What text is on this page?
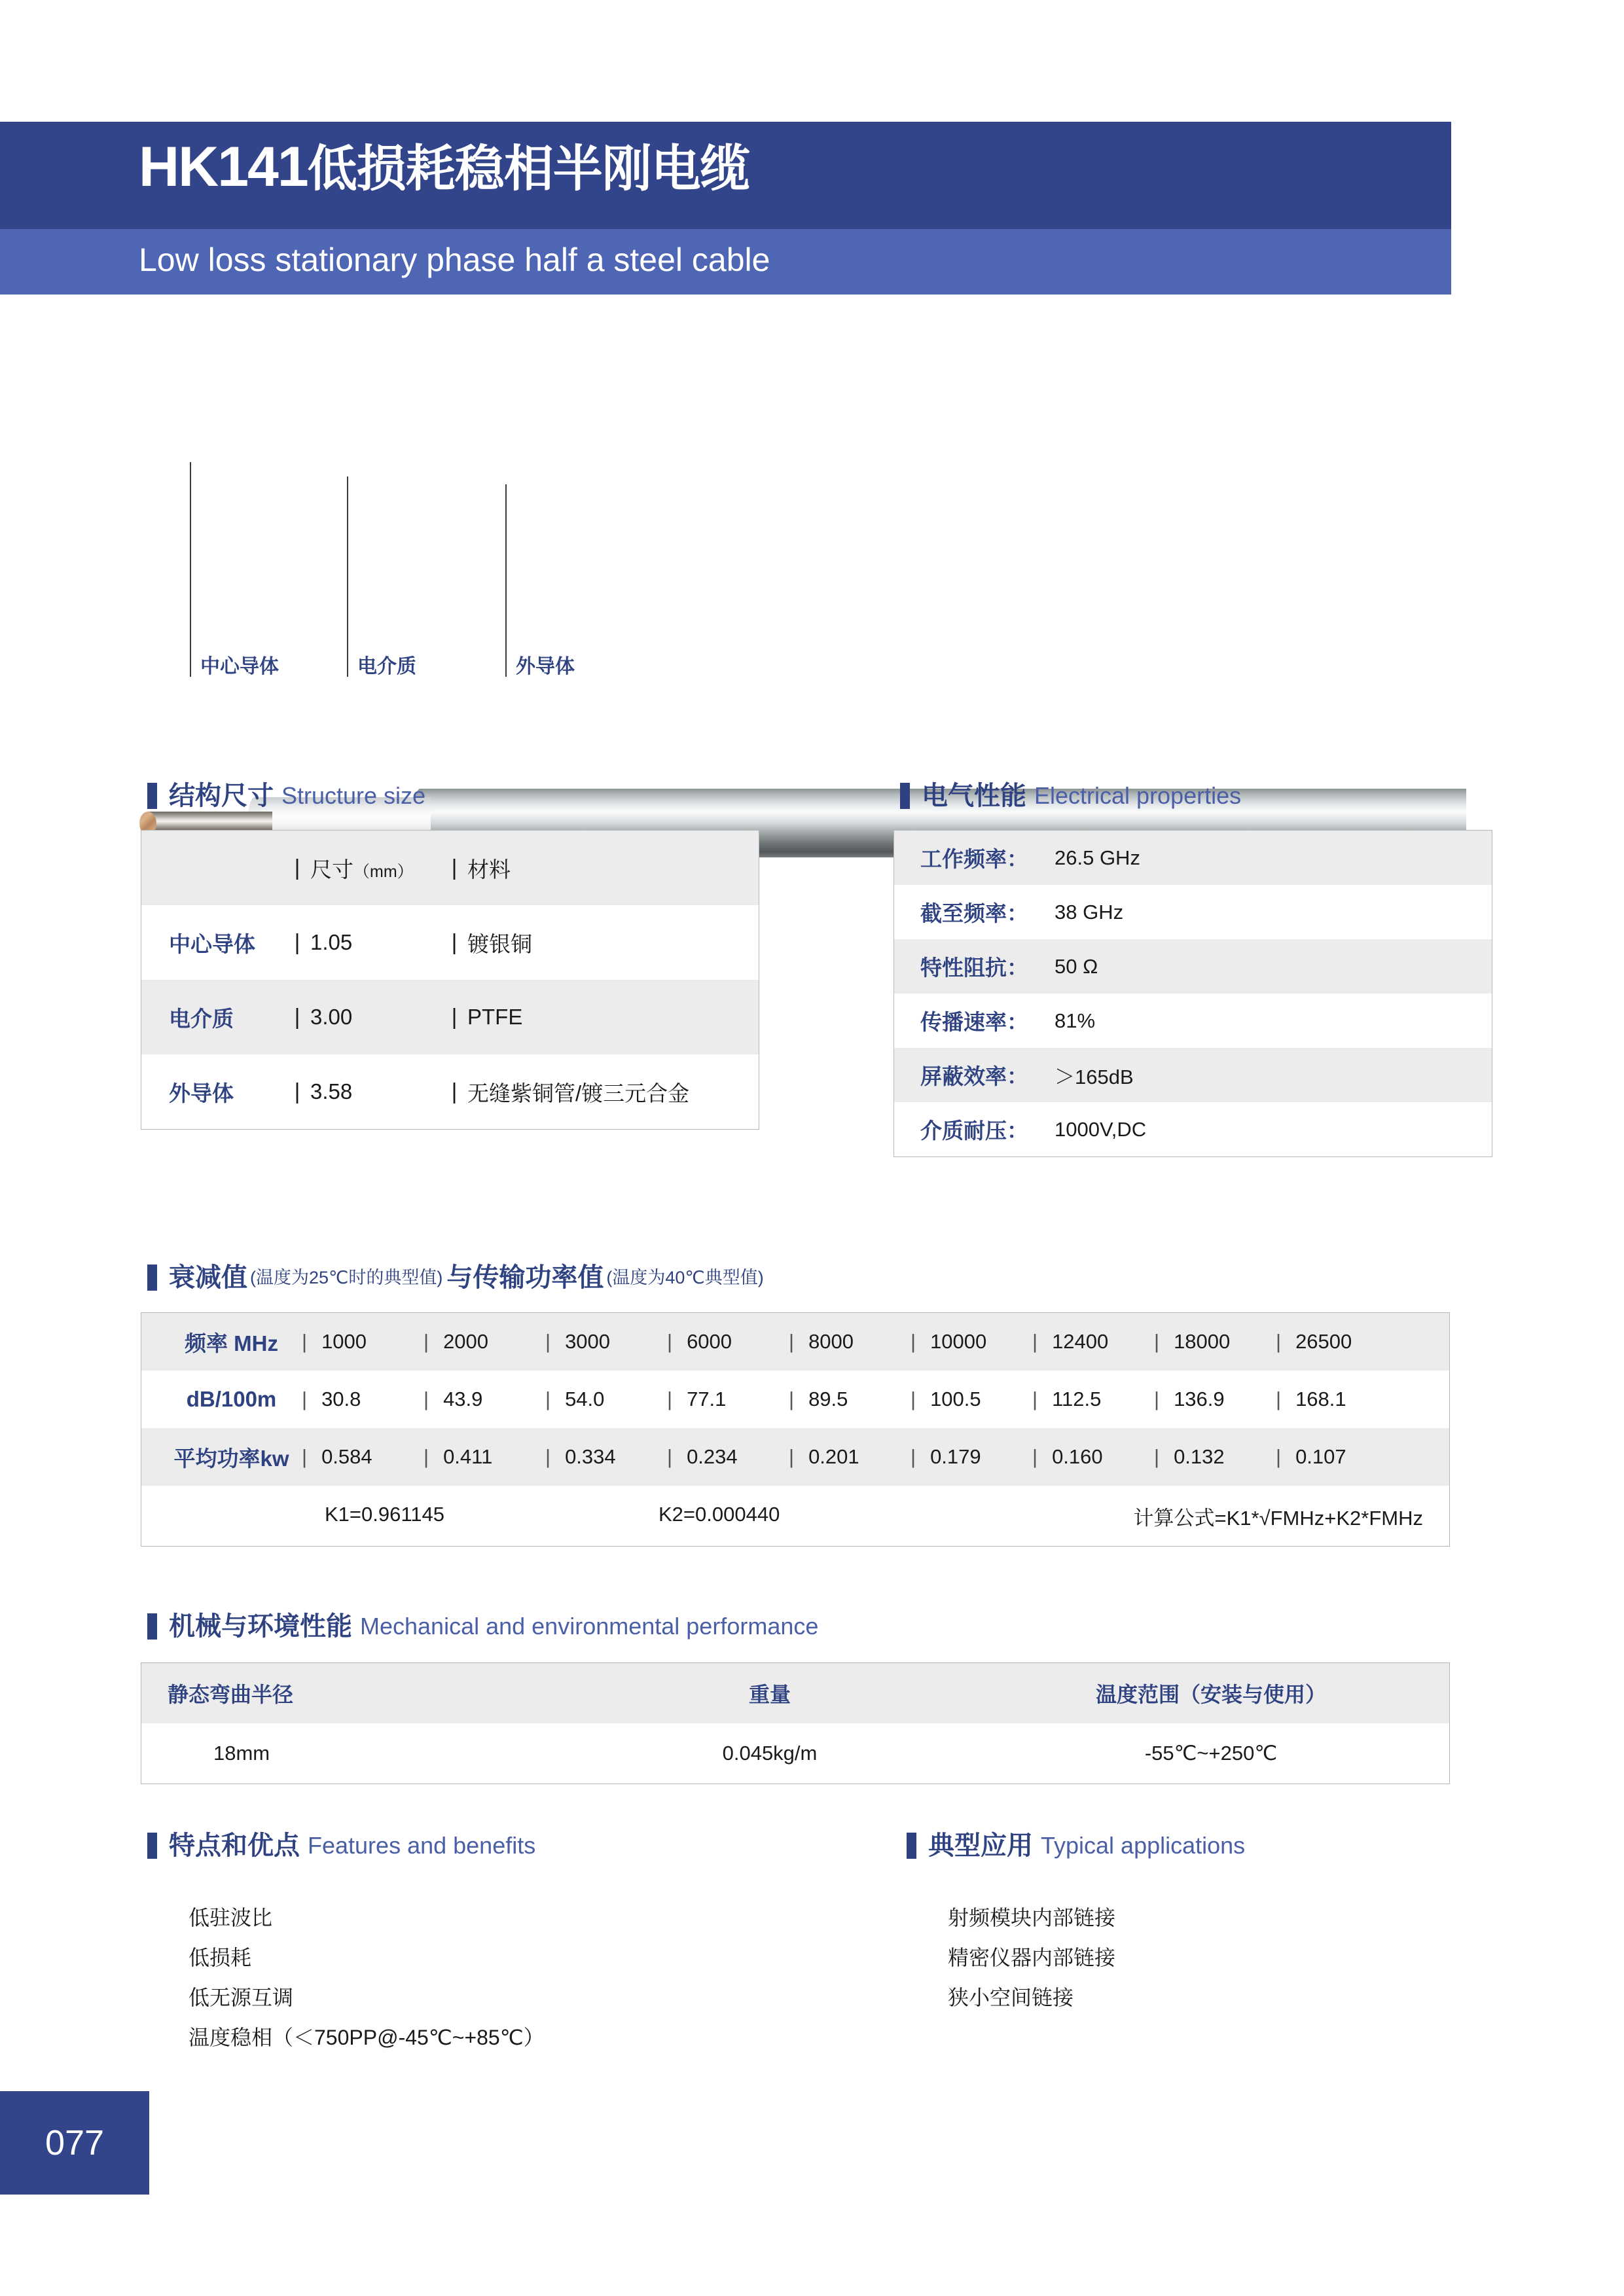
HK141低损耗稳相半刚电缆
Low loss stationary phase half a steel cable
中心导体	电介质	外导体
结构尺寸 Structure size
| 尺寸（mm）	| 材料
中心导体	| 1.05	| 镀银铜
电介质	| 3.00	| PTFE
外导体	| 3.58	| 无缝紫铜管/镀三元合金
电气性能 Electrical properties
工作频率：	26.5 GHz
截至频率：	38 GHz
特性阻抗：	50 Ω
传播速率：	81%
屏蔽效率：	＞165dB
介质耐压：	1000V,DC
衰减值 (温度为25℃时的典型值) 与传输功率值 (温度为40℃典型值)
频率 MHz	| 1000	| 2000	| 3000	| 6000	| 8000	| 10000 | 12400 | 18000 | 26500
dB/100m	| 30.8	| 43.9	| 54.0	| 77.1	| 89.5	| 100.5	| 112.5	| 136.9	| 168.1
平均功率kw | 0.584	| 0.411	| 0.334	| 0.234	| 0.201	| 0.179	| 0.160	| 0.132	| 0.107
K1=0.961145	K2=0.000440	计算公式=K1*√FMHz+K2*FMHz
机械与环境性能 Mechanical and environmental performance
静态弯曲半径	重量	温度范围（安装与使用）
18mm	0.045kg/m	-55℃~+250℃
特点和优点 Features and benefits
低驻波比
低损耗
低无源互调
温度稳相（＜750PP@-45℃~+85℃）
典型应用 Typical applications
射频模块内部链接
精密仪器内部链接
狭小空间链接
077
